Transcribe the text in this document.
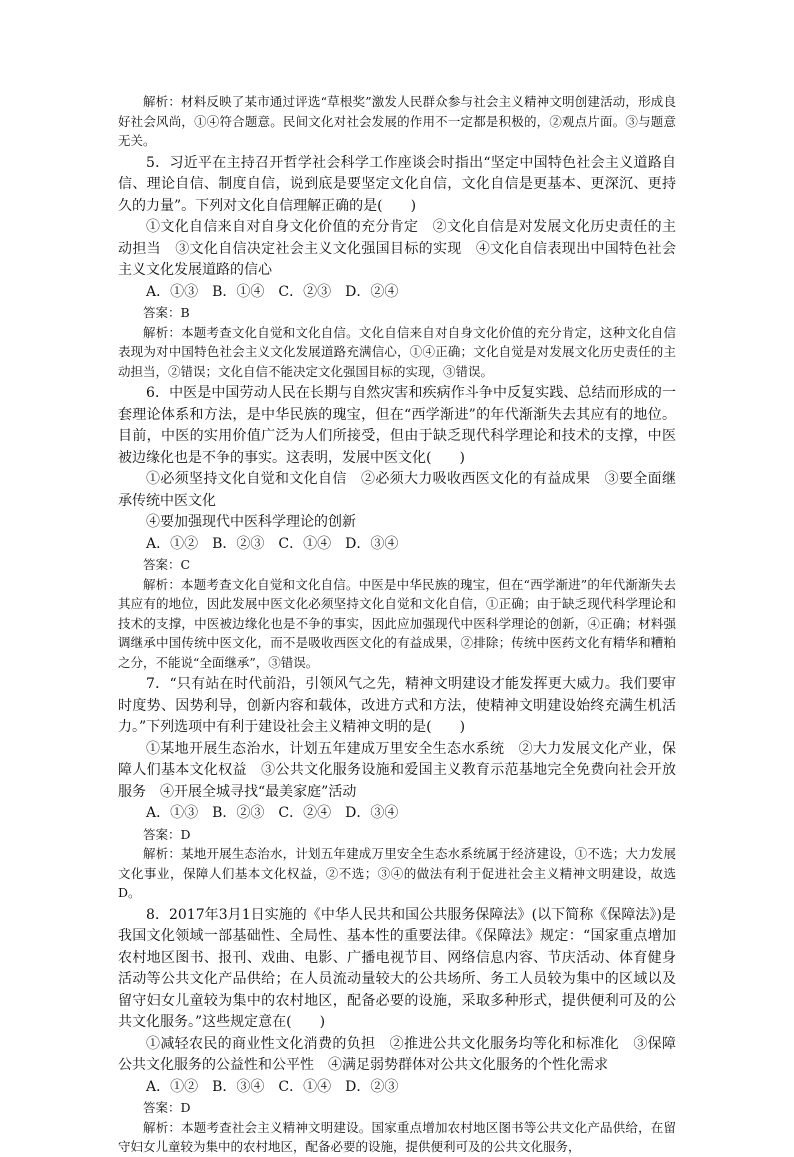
解析：材料反映了某市通过评选“草根奖”激发人民群众参与社会主义精神文明创建活动，形成良好社会风尚，①④符合题意。民间文化对社会发展的作用不一定都是积极的，②观点片面。③与题意无关。

5．习近平在主持召开哲学社会科学工作座谈会时指出“坚定中国特色社会主义道路自信、理论自信、制度自信，说到底是要坚定文化自信，文化自信是更基本、更深沉、更持久的力量”。下列对文化自信理解正确的是(　　)

①文化自信来自对自身文化价值的充分肯定　②文化自信是对发展文化历史责任的主动担当　③文化自信决定社会主义文化强国目标的实现　④文化自信表现出中国特色社会主义文化发展道路的信心

A．①③　B．①④　C．②③　D．②④

答案：B

解析：本题考查文化自觉和文化自信。文化自信来自对自身文化价值的充分肯定，这种文化自信表现为对中国特色社会主义文化发展道路充满信心，①④正确；文化自觉是对发展文化历史责任的主动担当，②错误；文化自信不能决定文化强国目标的实现，③错误。

6．中医是中国劳动人民在长期与自然灾害和疾病作斗争中反复实践、总结而形成的一套理论体系和方法，是中华民族的瑰宝，但在“西学渐进”的年代渐渐失去其应有的地位。目前，中医的实用价值广泛为人们所接受，但由于缺乏现代科学理论和技术的支撑，中医被边缘化也是不争的事实。这表明，发展中医文化(　　)

①必须坚持文化自觉和文化自信　②必须大力吸收西医文化的有益成果　③要全面继承传统中医文化

④要加强现代中医科学理论的创新

A．①②　B．②③　C．①④　D．③④

答案：C

解析：本题考查文化自觉和文化自信。中医是中华民族的瑰宝，但在“西学渐进”的年代渐渐失去其应有的地位，因此发展中医文化必须坚持文化自觉和文化自信，①正确；由于缺乏现代科学理论和技术的支撑，中医被边缘化也是不争的事实，因此应加强现代中医科学理论的创新，④正确；材料强调继承中国传统中医文化，而不是吸收西医文化的有益成果，②排除；传统中医药文化有精华和糟粕之分，不能说“全面继承”，③错误。

7．“只有站在时代前沿，引领风气之先，精神文明建设才能发挥更大威力。我们要审时度势、因势利导，创新内容和载体，改进方式和方法，使精神文明建设始终充满生机活力。”下列选项中有利于建设社会主义精神文明的是(　　)

①某地开展生态治水，计划五年建成万里安全生态水系统　②大力发展文化产业，保障人们基本文化权益　③公共文化服务设施和爱国主义教育示范基地完全免费向社会开放服务　④开展全城寻找“最美家庭”活动

A．①③　B．②③　C．②④　D．③④

答案：D

解析：某地开展生态治水，计划五年建成万里安全生态水系统属于经济建设，①不选；大力发展文化事业，保障人们基本文化权益，②不选；③④的做法有利于促进社会主义精神文明建设，故选D。

8．2017年3月1日实施的《中华人民共和国公共服务保障法》(以下简称《保障法》)是我国文化领域一部基础性、全局性、基本性的重要法律。《保障法》规定：“国家重点增加农村地区图书、报刊、戏曲、电影、广播电视节目、网络信息内容、节庆活动、体育健身活动等公共文化产品供给；在人员流动量较大的公共场所、务工人员较为集中的区域以及留守妇女儿童较为集中的农村地区，配备必要的设施，采取多种形式，提供便利可及的公共文化服务。”这些规定意在(　　)

①减轻农民的商业性文化消费的负担　②推进公共文化服务均等化和标准化　③保障公共文化服务的公益性和公平性　④满足弱势群体对公共文化服务的个性化需求

A．①②　B．③④　C．①④　D．②③

答案：D

解析：本题考查社会主义精神文明建设。国家重点增加农村地区图书等公共文化产品供给，在留守妇女儿童较为集中的农村地区，配备必要的设施，提供便利可及的公共文化服务，
